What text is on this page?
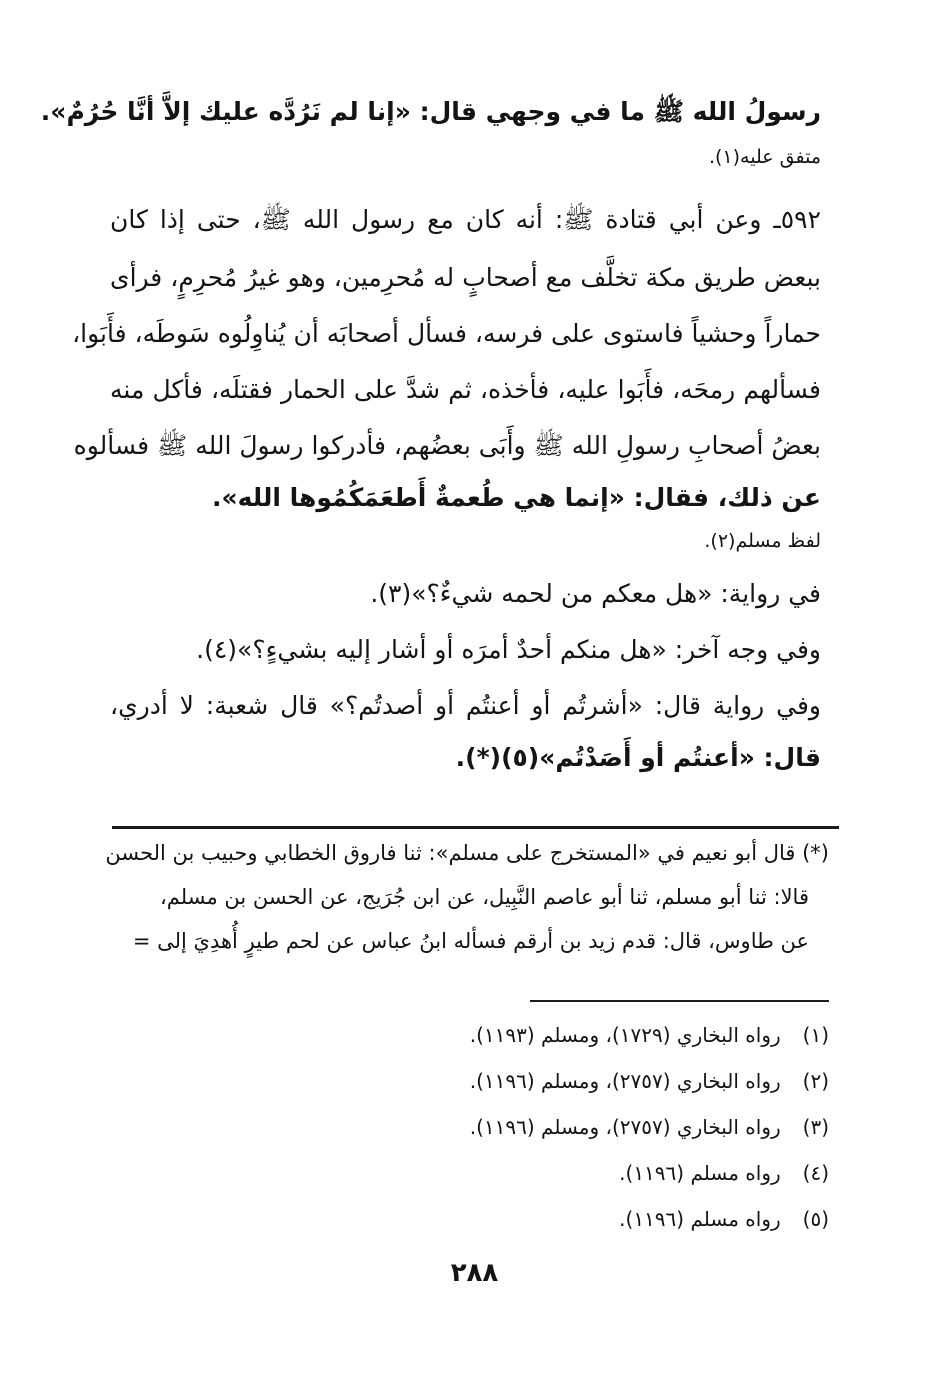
رسولُ الله ﷺ ما في وجهي قال: «إنا لم نَرُدَّه عليك إلاَّ أنَّا حُرُمٌ».
متفق عليه(١).
٥٩٢ـ وعن أبي قتادة ﷺ: أنه كان مع رسول الله ﷺ، حتى إذا كان
ببعض طريق مكة تخلَّف مع أصحابٍ له مُحرِمين، وهو غيرُ مُحرِمٍ، فرأى
حماراً وحشياً فاستوى على فرسه، فسأل أصحابَه أن يُناوِلُوه سَوطَه، فأَبَوا،
فسألهم رمحَه، فأَبَوا عليه، فأخذه، ثم شدَّ على الحمار فقتلَه، فأكل منه
بعضُ أصحابِ رسولِ الله ﷺ وأَبَى بعضُهم، فأدركوا رسولَ الله ﷺ فسألوه
عن ذلك، فقال: «إنما هي طُعمةٌ أَطعَمَكُمُوها الله».
لفظ مسلم(٢).
في رواية: «هل معكم من لحمه شيءٌ؟»(٣).
وفي وجه آخر: «هل منكم أحدٌ أمرَه أو أشار إليه بشيءٍ؟»(٤).
وفي رواية قال: «أشرتُم أو أعنتُم أو أصدتُم؟» قال شعبة: لا أدري،
قال: «أعنتُم أو أَصَدْتُم»(٥)(*).
(*) قال أبو نعيم في «المستخرج على مسلم»: ثنا فاروق الخطابي وحبيب بن الحسن
قالا: ثنا أبو مسلم، ثنا أبو عاصم النَّبِيل، عن ابن جُرَيج، عن الحسن بن مسلم،
عن طاوس، قال: قدم زيد بن أرقم فسأله ابنُ عباس عن لحم طيرٍ أُهدِيَ إلى =
(١) رواه البخاري (١٧٢٩)، ومسلم (١١٩٣).
(٢) رواه البخاري (٢٧٥٧)، ومسلم (١١٩٦).
(٣) رواه البخاري (٢٧٥٧)، ومسلم (١١٩٦).
(٤) رواه مسلم (١١٩٦).
(٥) رواه مسلم (١١٩٦).
٢٨٨
